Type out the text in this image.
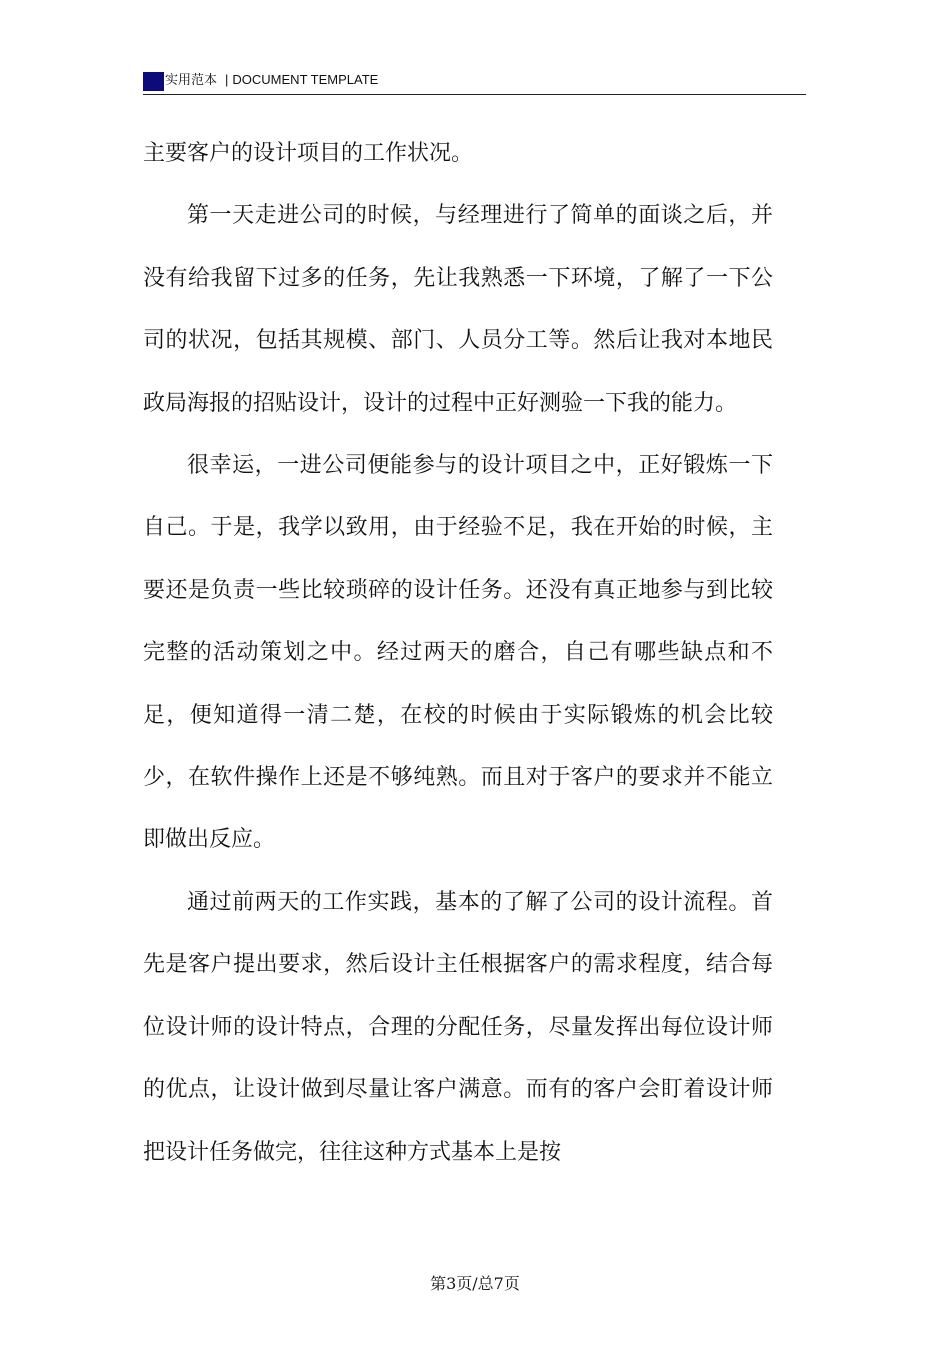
实用范本 | DOCUMENT TEMPLATE

主要客户的设计项目的工作状况。

第一天走进公司的时候，与经理进行了简单的面谈之后，并没有给我留下过多的任务，先让我熟悉一下环境，了解了一下公司的状况，包括其规模、部门、人员分工等。然后让我对本地民政局海报的招贴设计，设计的过程中正好测验一下我的能力。

很幸运，一进公司便能参与的设计项目之中，正好锻炼一下自己。于是，我学以致用，由于经验不足，我在开始的时候，主要还是负责一些比较琐碎的设计任务。还没有真正地参与到比较完整的活动策划之中。经过两天的磨合，自己有哪些缺点和不足，便知道得一清二楚，在校的时候由于实际锻炼的机会比较少，在软件操作上还是不够纯熟。而且对于客户的要求并不能立即做出反应。

通过前两天的工作实践，基本的了解了公司的设计流程。首先是客户提出要求，然后设计主任根据客户的需求程度，结合每位设计师的设计特点，合理的分配任务，尽量发挥出每位设计师的优点，让设计做到尽量让客户满意。而有的客户会盯着设计师把设计任务做完，往往这种方式基本上是按

第3页/总7页
